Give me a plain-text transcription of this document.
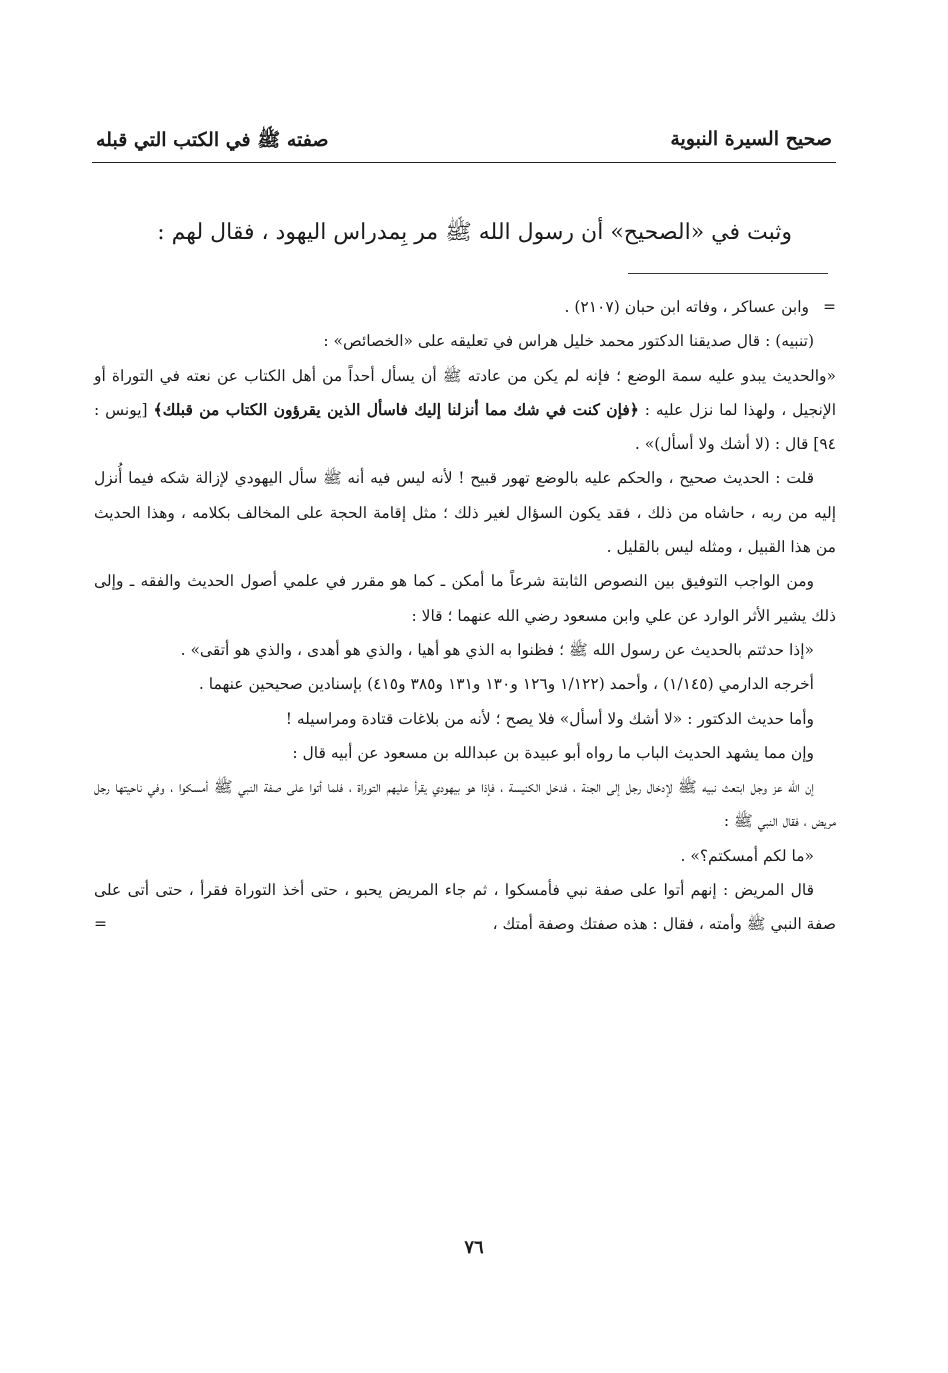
صحيح السيرة النبوية
صفته ﷺ في الكتب التي قبله
وثبت في «الصحيح» أن رسول الله ﷺ مر بِمدراس اليهود ، فقال لهم :

=وابن عساكر ، وفاته ابن حبان (٢١٠٧) .

(تنبيه) : قال صديقنا الدكتور محمد خليل هراس في تعليقه على «الخصائص» :

«والحديث يبدو عليه سمة الوضع ؛ فإنه لم يكن من عادته ﷺ أن يسأل أحداً من أهل الكتاب عن نعته في التوراة أو الإنجيل ، ولهذا لما نزل عليه : ﴿فإن كنت في شك مما أنزلنا إليك فاسأل الذين يقرؤون الكتاب من قبلك﴾ [يونس : ٩٤] قال : (لا أشك ولا أسأل)» .

قلت : الحديث صحيح ، والحكم عليه بالوضع تهور قبيح ! لأنه ليس فيه أنه ﷺ سأل اليهودي لإزالة شكه فيما أُنزل إليه من ربه ، حاشاه من ذلك ، فقد يكون السؤال لغير ذلك ؛ مثل إقامة الحجة على المخالف بكلامه ، وهذا الحديث من هذا القبيل ، ومثله ليس بالقليل .

ومن الواجب التوفيق بين النصوص الثابتة شرعاً ما أمكن ـ كما هو مقرر في علمي أصول الحديث والفقه ـ وإلى ذلك يشير الأثر الوارد عن علي وابن مسعود رضي الله عنهما ؛ قالا :

«إذا حدثتم بالحديث عن رسول الله ﷺ ؛ فظنوا به الذي هو أهيا ، والذي هو أهدى ، والذي هو أتقى» .

أخرجه الدارمي (١/١٤٥) ، وأحمد (١/١٢٢ و١٢٦ و١٣٠ و١٣١ و٣٨٥ و٤١٥) بإسنادين صحيحين عنهما .

وأما حديث الدكتور : «لا أشك ولا أسأل» فلا يصح ؛ لأنه من بلاغات قتادة ومراسيله !

وإن مما يشهد الحديث الباب ما رواه أبو عبيدة بن عبدالله بن مسعود عن أبيه قال :

إن الله عز وجل ابتعث نبيه ﷺ لإدخال رجل إلى الجنة ، فدخل الكنيسة ، فإذا هو بيهودي يقرأ عليهم التوراة ، فلما أتوا على صفة النبي ﷺ أمسكوا ، وفي ناحيتها رجل مريض ، فقال النبي ﷺ :

«ما لكم أمسكتم؟» .

قال المريض : إنهم أتوا على صفة نبي فأمسكوا ، ثم جاء المريض يحبو ، حتى أخذ التوراة فقرأ ، حتى أتى على صفة النبي ﷺ وأمته ، فقال : هذه صفتك وصفة أمتك ،
=

٧٦
